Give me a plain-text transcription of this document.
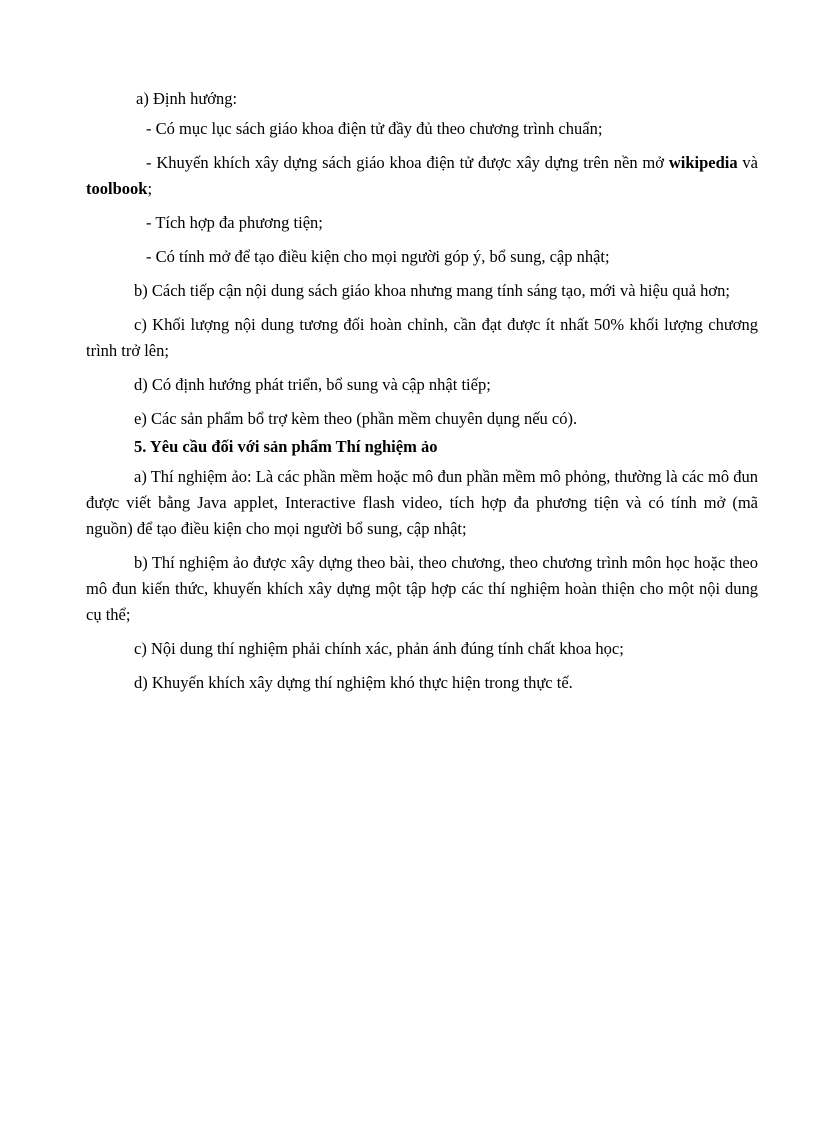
a) Định hướng:

- Có mục lục sách giáo khoa điện tử đầy đủ theo chương trình chuẩn;

- Khuyến khích xây dựng sách giáo khoa điện tử được xây dựng trên nền mở wikipedia và toolbook;

- Tích hợp đa phương tiện;

- Có tính mở để tạo điều kiện cho mọi người góp ý, bổ sung, cập nhật;

b) Cách tiếp cận nội dung sách giáo khoa nhưng mang tính sáng tạo, mới và hiệu quả hơn;

c) Khối lượng nội dung tương đối hoàn chỉnh, cần đạt được ít nhất 50% khối lượng chương trình trở lên;

d) Có định hướng phát triển, bổ sung và cập nhật tiếp;

e) Các sản phẩm bổ trợ kèm theo (phần mềm chuyên dụng nếu có).

5. Yêu cầu đối với sản phẩm Thí nghiệm ảo

a) Thí nghiệm ảo: Là các phần mềm hoặc mô đun phần mềm mô phỏng, thường là các mô đun được viết bằng Java applet, Interactive flash video, tích hợp đa phương tiện và có tính mở (mã nguồn) để tạo điều kiện cho mọi người bổ sung, cập nhật;

b) Thí nghiệm ảo được xây dựng theo bài, theo chương, theo chương trình môn học hoặc theo mô đun kiến thức, khuyến khích xây dựng một tập hợp các thí nghiệm hoàn thiện cho một nội dung cụ thể;

c) Nội dung thí nghiệm phải chính xác, phản ánh đúng tính chất khoa học;

d) Khuyến khích xây dựng thí nghiệm khó thực hiện trong thực tế.
